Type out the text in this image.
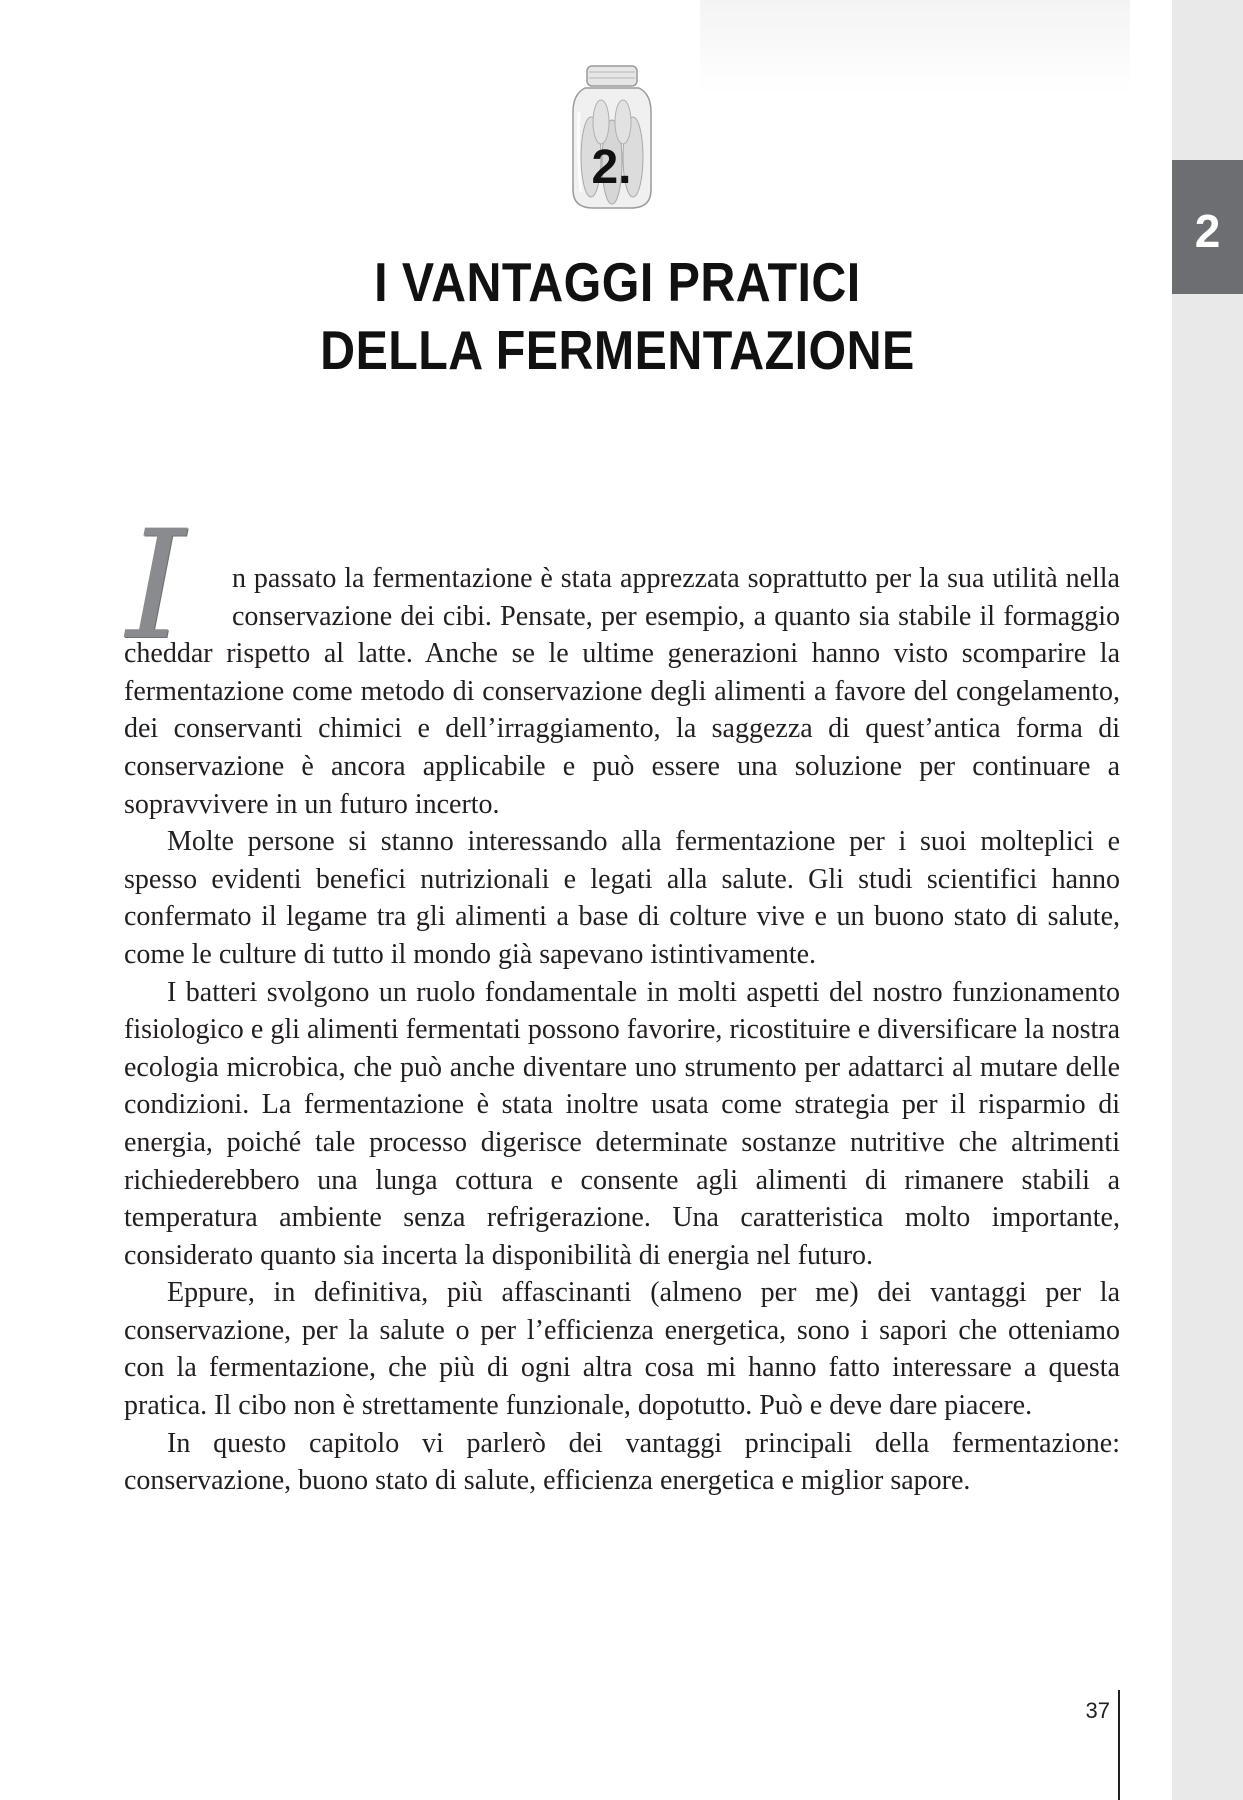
2
2.
I VANTAGGI PRATICI
DELLA FERMENTAZIONE

I	n passato la fermentazione è stata apprezzata soprattutto per la sua utilità nella conservazione dei cibi. Pensate, per esempio, a quanto sia stabile il formaggio cheddar rispetto al latte. Anche se le ultime generazioni hanno visto scomparire la fermentazione come metodo di conservazione degli alimenti a favore del congelamento, dei conservanti chimici e dell’irraggiamento, la saggezza di quest’antica forma di conservazione è ancora applicabile e può essere una soluzione per continuare a sopravvivere in un futuro incerto.

Molte persone si stanno interessando alla fermentazione per i suoi molteplici e spesso evidenti benefici nutrizionali e legati alla salute. Gli studi scientifici hanno confermato il legame tra gli alimenti a base di colture vive e un buono stato di salute, come le culture di tutto il mondo già sapevano istintivamente.

I batteri svolgono un ruolo fondamentale in molti aspetti del nostro funzionamento fisiologico e gli alimenti fermentati possono favorire, ricostituire e diversificare la nostra ecologia microbica, che può anche diventare uno strumento per adattarci al mutare delle condizioni. La fermentazione è stata inoltre usata come strategia per il risparmio di energia, poiché tale processo digerisce determinate sostanze nutritive che altrimenti richiederebbero una lunga cottura e consente agli alimenti di rimanere stabili a temperatura ambiente senza refrigerazione. Una caratteristica molto importante, considerato quanto sia incerta la disponibilità di energia nel futuro.

Eppure, in definitiva, più affascinanti (almeno per me) dei vantaggi per la conservazione, per la salute o per l’efficienza energetica, sono i sapori che otteniamo con la fermentazione, che più di ogni altra cosa mi hanno fatto interessare a questa pratica. Il cibo non è strettamente funzionale, dopotutto. Può e deve dare piacere.

In questo capitolo vi parlerò dei vantaggi principali della fermentazione: conservazione, buono stato di salute, efficienza energetica e miglior sapore.

37
